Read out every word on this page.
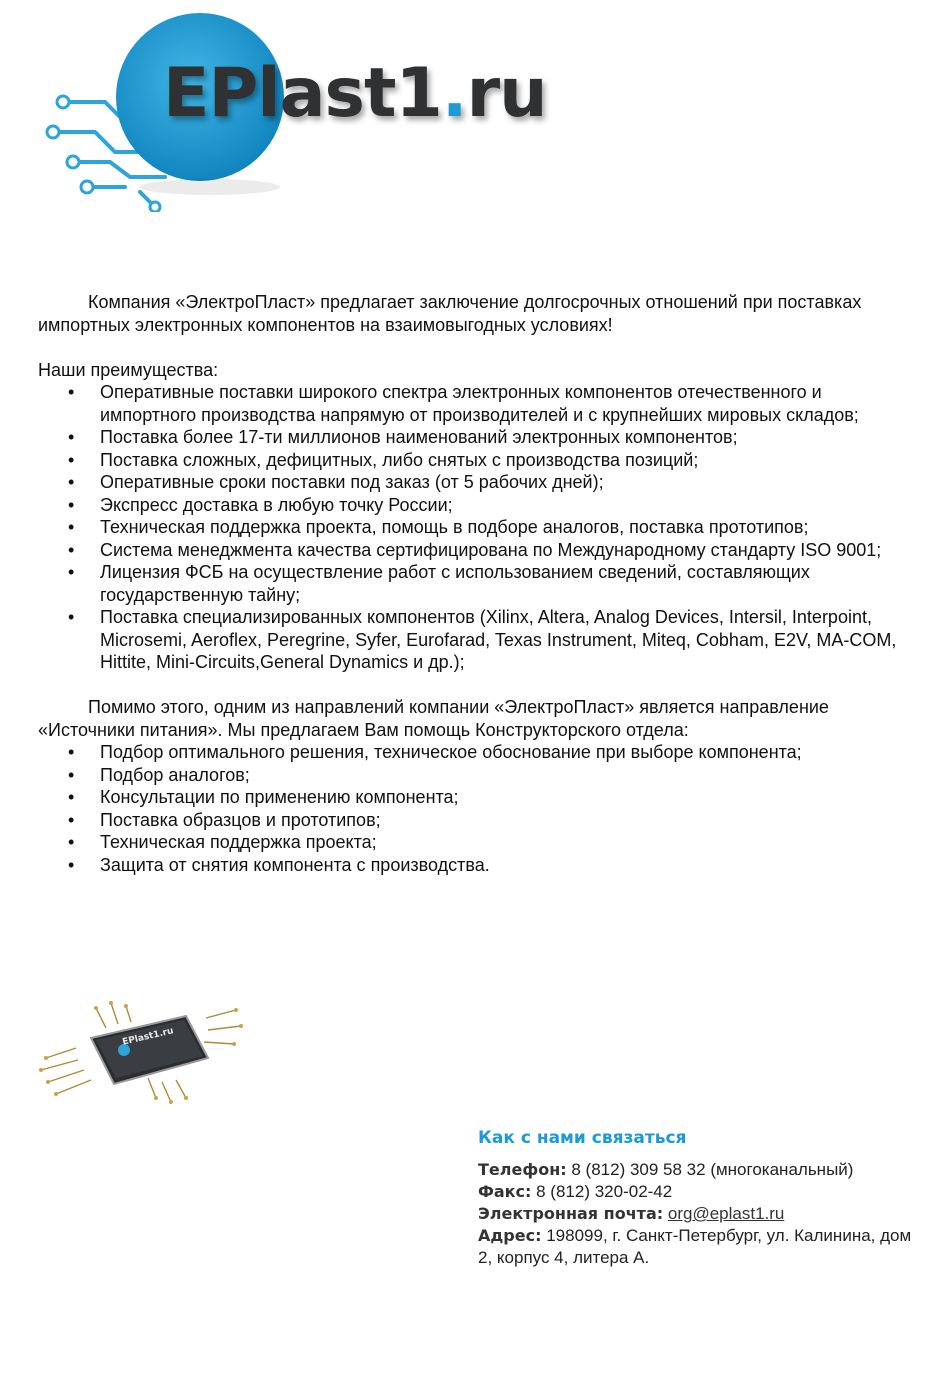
EPlast1.ru

Компания «ЭлектроПласт» предлагает заключение долгосрочных отношений при поставках импортных электронных компонентов на взаимовыгодных условиях!

Наши преимущества:

• Оперативные поставки широкого спектра электронных компонентов отечественного и импортного производства напрямую от производителей и с крупнейших мировых складов;
• Поставка более 17-ти миллионов наименований электронных компонентов;
• Поставка сложных, дефицитных, либо снятых с производства позиций;
• Оперативные сроки поставки под заказ (от 5 рабочих дней);
• Экспресс доставка в любую точку России;
• Техническая поддержка проекта, помощь в подборе аналогов, поставка прототипов;
• Система менеджмента качества сертифицирована по Международному стандарту ISO 9001;
• Лицензия ФСБ на осуществление работ с использованием сведений, составляющих государственную тайну;
• Поставка специализированных компонентов (Xilinx, Altera, Analog Devices, Intersil, Interpoint, Microsemi, Aeroflex, Peregrine, Syfer, Eurofarad, Texas Instrument, Miteq, Cobham, E2V, MA-COM, Hittite, Mini-Circuits,General Dynamics и др.);

Помимо этого, одним из направлений компании «ЭлектроПласт» является направление «Источники питания». Мы предлагаем Вам помощь Конструкторского отдела:

• Подбор оптимального решения, техническое обоснование при выборе компонента;
• Подбор аналогов;
• Консультации по применению компонента;
• Поставка образцов и прототипов;
• Техническая поддержка проекта;
• Защита от снятия компонента с производства.
EPlast1.ru
Как с нами связаться

Телефон: 8 (812) 309 58 32 (многоканальный)

Факс: 8 (812) 320-02-42

Электронная почта: org@eplast1.ru

Адрес: 198099, г. Санкт-Петербург, ул. Калинина, дом 2, корпус 4, литера А.
